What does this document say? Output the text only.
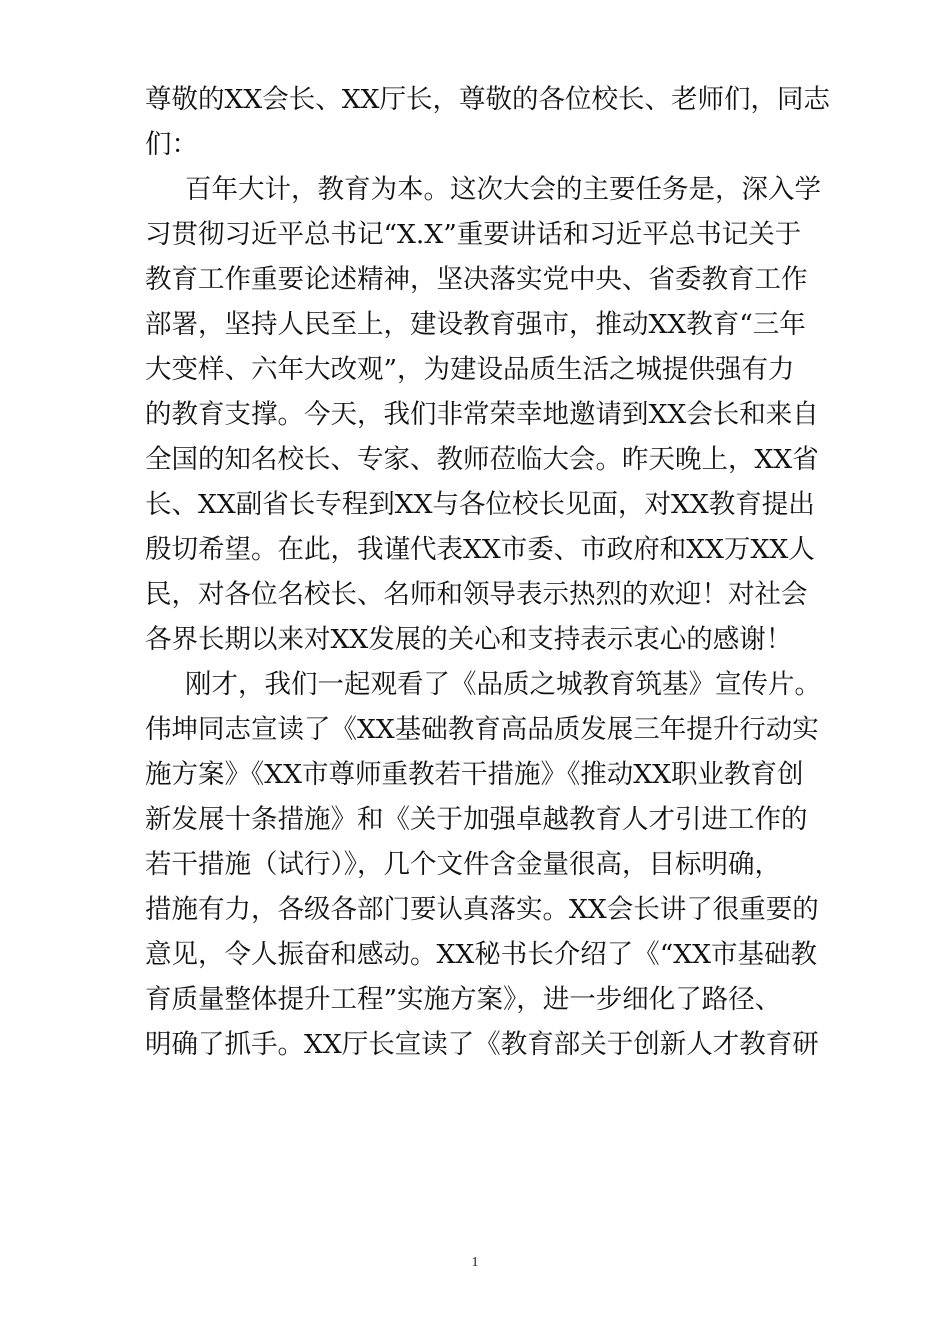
尊敬的XX会长、XX厅长，尊敬的各位校长、老师们，同志
们：
百年大计，教育为本。这次大会的主要任务是，深入学
习贯彻习近平总书记“X.X”重要讲话和习近平总书记关于
教育工作重要论述精神，坚决落实党中央、省委教育工作
部署，坚持人民至上，建设教育强市，推动XX教育“三年
大变样、六年大改观”，为建设品质生活之城提供强有力
的教育支撑。今天，我们非常荣幸地邀请到XX会长和来自
全国的知名校长、专家、教师莅临大会。昨天晚上，XX省
长、XX副省长专程到XX与各位校长见面，对XX教育提出
殷切希望。在此，我谨代表XX市委、市政府和XX万XX人
民，对各位名校长、名师和领导表示热烈的欢迎！对社会
各界长期以来对XX发展的关心和支持表示衷心的感谢！
刚才，我们一起观看了《品质之城教育筑基》宣传片。
伟坤同志宣读了《XX基础教育高品质发展三年提升行动实
施方案》《XX市尊师重教若干措施》《推动XX职业教育创
新发展十条措施》和《关于加强卓越教育人才引进工作的
若干措施（试行）》，几个文件含金量很高，目标明确，
措施有力，各级各部门要认真落实。XX会长讲了很重要的
意见，令人振奋和感动。XX秘书长介绍了《“XX市基础教
育质量整体提升工程”实施方案》，进一步细化了路径、
明确了抓手。XX厅长宣读了《教育部关于创新人才教育研
1
